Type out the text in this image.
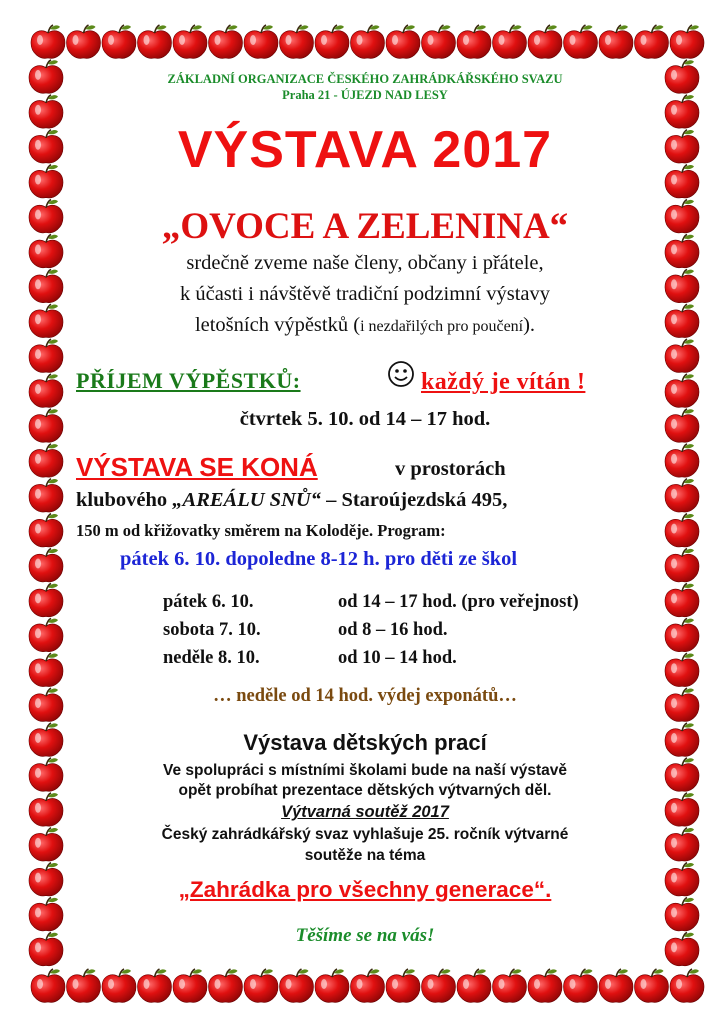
ZÁKLADNÍ ORGANIZACE ČESKÉHO ZAHRÁDKÁŘSKÉHO SVAZU
Praha 21 - ÚJEZD NAD LESY
VÝSTAVA 2017
„OVOCE A ZELENINA“
srdečně zveme naše členy, občany i přátele,
k účasti i návštěvě tradiční podzimní výstavy
letošních výpěstků (i nezdařilých pro poučení).
PŘÍJEM VÝPĚSTKŮ:	každý je vítán !
čtvrtek 5. 10. od 14 – 17 hod.
VÝSTAVA SE KONÁ	v prostorách
klubového „AREÁLU SNŮ“ – Staroújezdská 495,
150 m od křižovatky směrem na Koloděje. Program:
pátek 6. 10. dopoledne 8-12 h. pro děti ze škol
pátek 6. 10.	od 14 – 17 hod. (pro veřejnost)
sobota 7. 10.	od 8 – 16 hod.
neděle 8. 10.	od 10 – 14 hod.
… neděle od 14 hod. výdej exponátů…
Výstava dětských prací
Ve spolupráci s místními školami bude na naší výstavě
opět probíhat prezentace dětských výtvarných děl.
Výtvarná soutěž 2017
Český zahrádkářský svaz vyhlašuje 25. ročník výtvarné
soutěže na téma
„Zahrádka pro všechny generace“.
Těšíme se na vás!
